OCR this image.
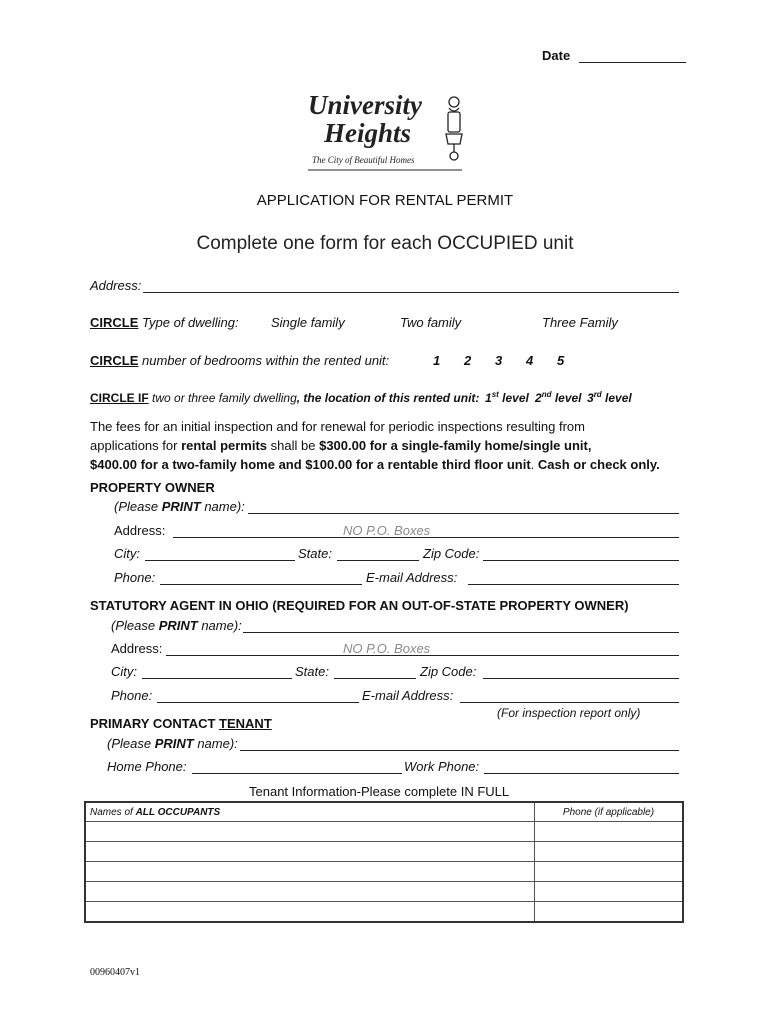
Date
University
Heights
The City of Beautiful Homes
APPLICATION FOR RENTAL PERMIT
Complete one form for each OCCUPIED unit
Address:
CIRCLE Type of dwelling: Single family	Two family	Three Family
CIRCLE number of bedrooms within the rented unit:	1 2 3 4 5
CIRCLE IF two or three family dwelling, the location of this rented unit: 1st level 2nd level 3rd level
The fees for an initial inspection and for renewal for periodic inspections resulting from
applications for rental permits shall be $300.00 for a single-family home/single unit,
$400.00 for a two-family home and $100.00 for a rentable third floor unit. Cash or check only.
PROPERTY OWNER
(Please PRINT name):
Address:	NO P.O. Boxes
City:	State:	Zip Code:
Phone:	E-mail Address:
STATUTORY AGENT IN OHIO (REQUIRED FOR AN OUT-OF-STATE PROPERTY OWNER)
(Please PRINT name):
Address:	NO P.O. Boxes
City:	State:	Zip Code:
Phone:	E-mail Address:
(For inspection report only)
PRIMARY CONTACT TENANT
(Please PRINT name):
Home Phone:	Work Phone:
Tenant Information-Please complete IN FULL
Names of ALL OCCUPANTS	Phone (if applicable)

00960407v1
